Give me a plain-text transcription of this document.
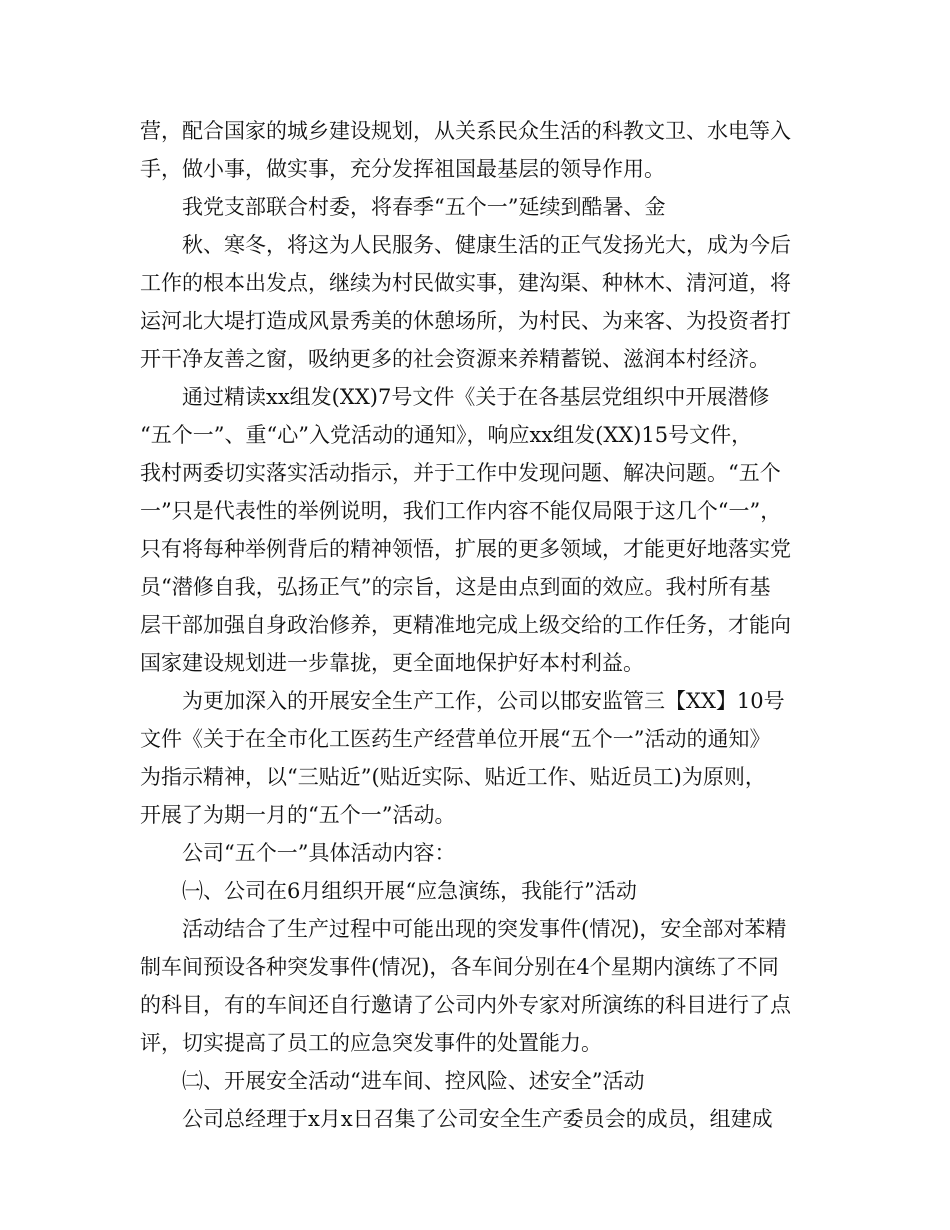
营，配合国家的城乡建设规划，从关系民众生活的科教文卫、水电等入
手，做小事，做实事，充分发挥祖国最基层的领导作用。
我党支部联合村委，将春季“五个一”延续到酷暑、金
秋、寒冬，将这为人民服务、健康生活的正气发扬光大，成为今后
工作的根本出发点，继续为村民做实事，建沟渠、种林木、清河道，将
运河北大堤打造成风景秀美的休憩场所，为村民、为来客、为投资者打
开干净友善之窗，吸纳更多的社会资源来养精蓄锐、滋润本村经济。
通过精读xx组发(XX)7号文件《关于在各基层党组织中开展潜修
“五个一”、重“心”入党活动的通知》，响应xx组发(XX)15号文件，
我村两委切实落实活动指示，并于工作中发现问题、解决问题。“五个
一”只是代表性的举例说明，我们工作内容不能仅局限于这几个“一”，
只有将每种举例背后的精神领悟，扩展的更多领域，才能更好地落实党
员“潜修自我，弘扬正气”的宗旨，这是由点到面的效应。我村所有基
层干部加强自身政治修养，更精准地完成上级交给的工作任务，才能向
国家建设规划进一步靠拢，更全面地保护好本村利益。
为更加深入的开展安全生产工作，公司以邯安监管三【XX】10号
文件《关于在全市化工医药生产经营单位开展“五个一”活动的通知》
为指示精神，以“三贴近”(贴近实际、贴近工作、贴近员工)为原则，
开展了为期一月的“五个一”活动。
公司“五个一”具体活动内容：
㈠、公司在6月组织开展“应急演练，我能行”活动
活动结合了生产过程中可能出现的突发事件(情况)，安全部对苯精
制车间预设各种突发事件(情况)，各车间分别在4个星期内演练了不同
的科目，有的车间还自行邀请了公司内外专家对所演练的科目进行了点
评，切实提高了员工的应急突发事件的处置能力。
㈡、开展安全活动“进车间、控风险、述安全”活动
公司总经理于x月x日召集了公司安全生产委员会的成员，组建成
